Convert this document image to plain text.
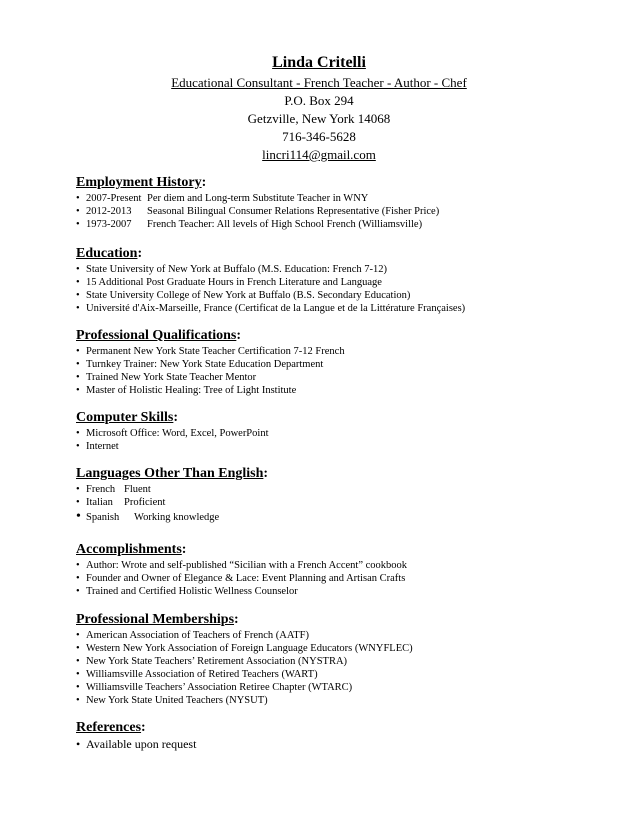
Linda Critelli
Educational Consultant - French Teacher - Author - Chef
P.O. Box 294
Getzville, New York 14068
716-346-5628
lincri114@gmail.com
Employment History:
• 2007-Present Per diem and Long-term Substitute Teacher in WNY
• 2012-2013 Seasonal Bilingual Consumer Relations Representative (Fisher Price)
• 1973-2007 French Teacher: All levels of High School French (Williamsville)
Education:
• State University of New York at Buffalo (M.S. Education: French 7-12)
• 15 Additional Post Graduate Hours in French Literature and Language
• State University College of New York at Buffalo (B.S. Secondary Education)
• Université d'Aix-Marseille, France (Certificat de la Langue et de la Littérature Françaises)
Professional Qualifications:
• Permanent New York State Teacher Certification 7-12 French
• Turnkey Trainer: New York State Education Department
• Trained New York State Teacher Mentor
• Master of Holistic Healing: Tree of Light Institute
Computer Skills:
• Microsoft Office: Word, Excel, PowerPoint
• Internet
Languages Other Than English:
• French Fluent
• Italian Proficient
• Spanish Working knowledge
Accomplishments:
• Author: Wrote and self-published “Sicilian with a French Accent” cookbook
• Founder and Owner of Elegance & Lace: Event Planning and Artisan Crafts
• Trained and Certified Holistic Wellness Counselor
Professional Memberships:
• American Association of Teachers of French (AATF)
• Western New York Association of Foreign Language Educators (WNYFLEC)
• New York State Teachers’ Retirement Association (NYSTRA)
• Williamsville Association of Retired Teachers (WART)
• Williamsville Teachers’ Association Retiree Chapter (WTARC)
• New York State United Teachers (NYSUT)
References:
• Available upon request
